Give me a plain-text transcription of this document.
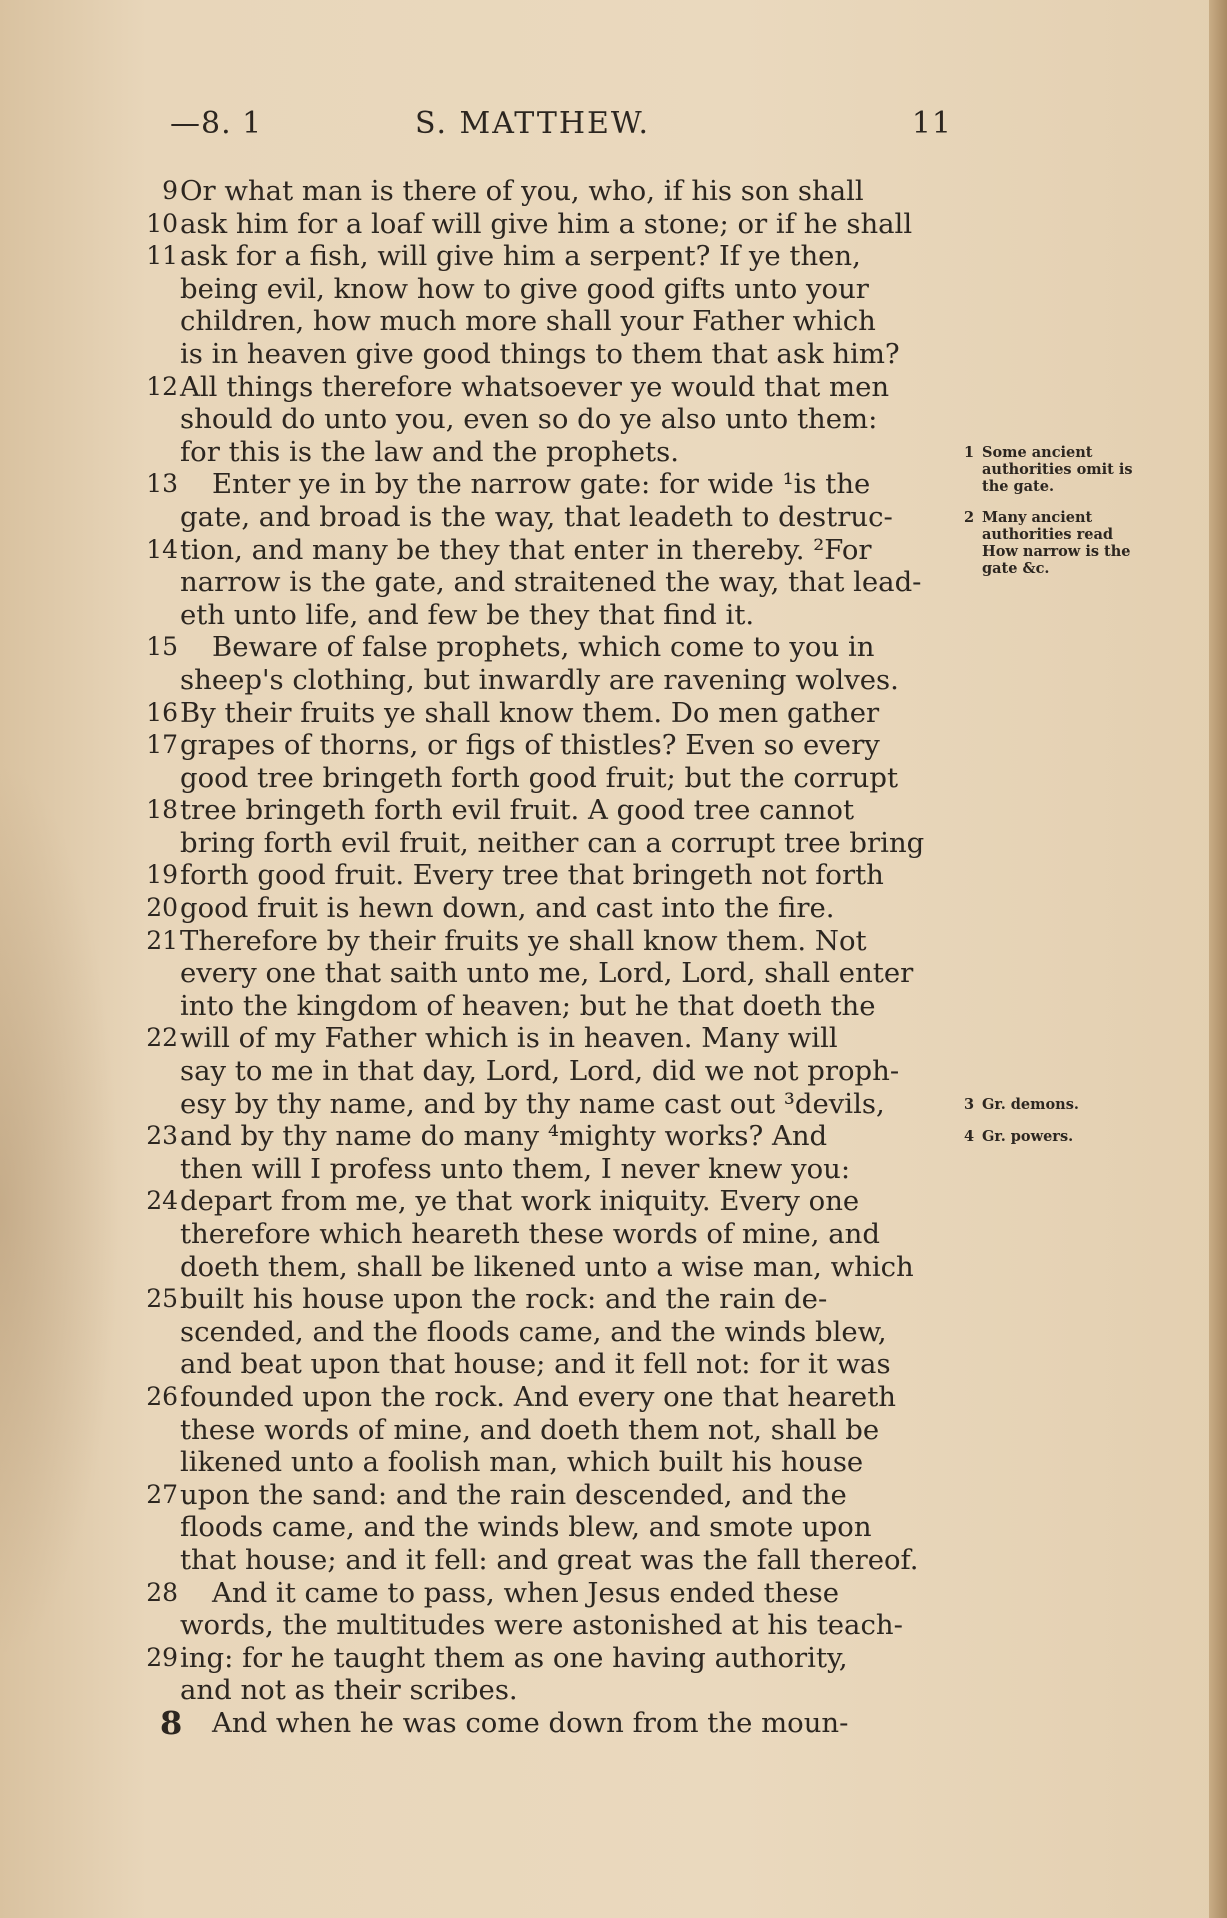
—8. 1	S. MATTHEW.	11
9 Or what man is there of you, who, if his son shall
10 ask him for a loaf will give him a stone; or if he shall
11 ask for a fish, will give him a serpent? If ye then,
being evil, know how to give good gifts unto your
children, how much more shall your Father which
is in heaven give good things to them that ask him?
12 All things therefore whatsoever ye would that men
should do unto you, even so do ye also unto them:
for this is the law and the prophets.
13 Enter ye in by the narrow gate: for wide ¹is the
gate, and broad is the way, that leadeth to destruc-
14 tion, and many be they that enter in thereby. ²For
narrow is the gate, and straitened the way, that lead-
eth unto life, and few be they that find it.
15 Beware of false prophets, which come to you in
sheep's clothing, but inwardly are ravening wolves.
16 By their fruits ye shall know them. Do men gather
17 grapes of thorns, or figs of thistles? Even so every
good tree bringeth forth good fruit; but the corrupt
18 tree bringeth forth evil fruit. A good tree cannot
bring forth evil fruit, neither can a corrupt tree bring
19 forth good fruit. Every tree that bringeth not forth
20 good fruit is hewn down, and cast into the fire.
21 Therefore by their fruits ye shall know them. Not
every one that saith unto me, Lord, Lord, shall enter
into the kingdom of heaven; but he that doeth the
22 will of my Father which is in heaven. Many will
say to me in that day, Lord, Lord, did we not proph-
esy by thy name, and by thy name cast out ³devils,
23 and by thy name do many ⁴mighty works? And
then will I profess unto them, I never knew you:
24 depart from me, ye that work iniquity. Every one
therefore which heareth these words of mine, and
doeth them, shall be likened unto a wise man, which
25 built his house upon the rock: and the rain de-
scended, and the floods came, and the winds blew,
and beat upon that house; and it fell not: for it was
26 founded upon the rock. And every one that heareth
these words of mine, and doeth them not, shall be
likened unto a foolish man, which built his house
27 upon the sand: and the rain descended, and the
floods came, and the winds blew, and smote upon
that house; and it fell: and great was the fall thereof.
28 And it came to pass, when Jesus ended these
words, the multitudes were astonished at his teach-
29 ing: for he taught them as one having authority,
and not as their scribes.
8 And when he was come down from the moun-
1 Some ancient authorities omit is the gate.
2 Many ancient authorities read How narrow is the gate &c.
3 Gr. demons.
4 Gr. powers.
